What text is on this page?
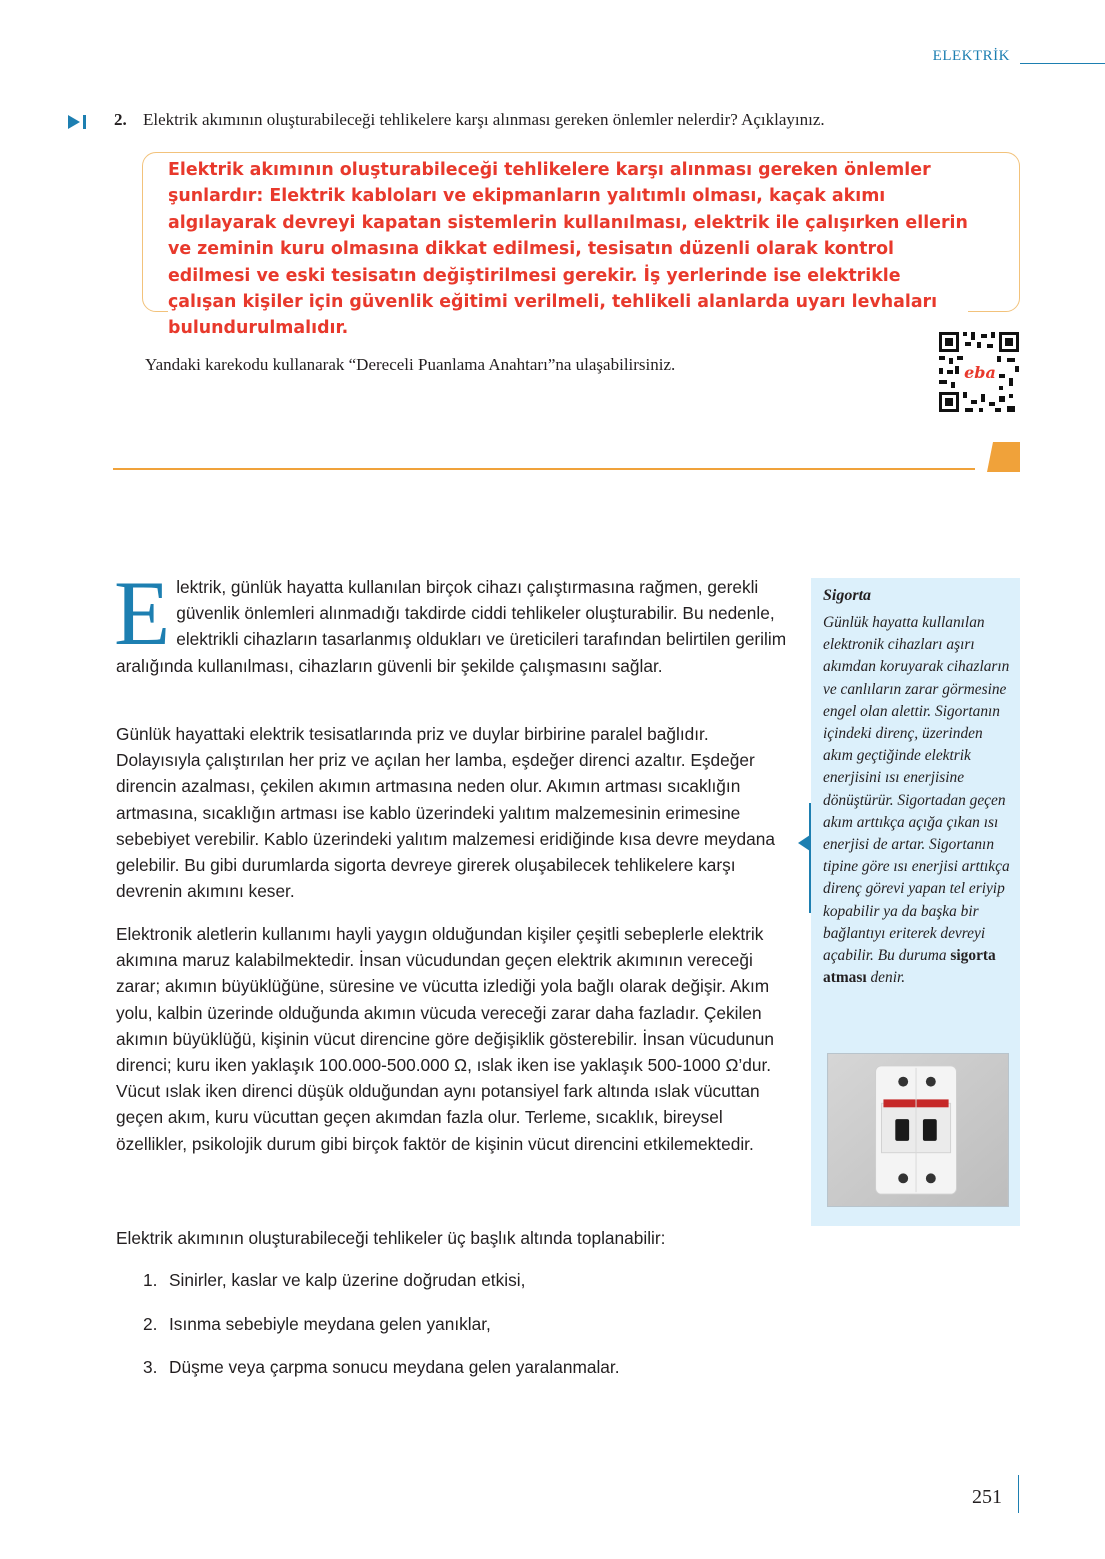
ELEKTRİK
2. Elektrik akımının oluşturabileceği tehlikelere karşı alınması gereken önlemler nelerdir? Açıklayınız.

Elektrik akımının oluşturabileceği tehlikelere karşı alınması gereken önlemler şunlardır: Elektrik kabloları ve ekipmanların yalıtımlı olması, kaçak akımı algılayarak devreyi kapatan sistemlerin kullanılması, elektrik ile çalışırken ellerin ve zeminin kuru olmasına dikkat edilmesi, tesisatın düzenli olarak kontrol edilmesi ve eski tesisatın değiştirilmesi gerekir. İş yerlerinde ise elektrikle çalışan kişiler için güvenlik eğitimi verilmeli, tehlikeli alanlarda uyarı levhaları bulundurulmalıdır.

Yandaki karekodu kullanarak “Dereceli Puanlama Anahtarı”na ulaşabilirsiniz.	eba

Elektrik, günlük hayatta kullanılan birçok cihazı çalıştırmasına rağmen, gerekli güvenlik önlemleri alınmadığı takdirde ciddi tehlikeler oluşturabilir. Bu nedenle, elektrikli cihazların tasarlanmış oldukları ve üreticileri tarafından belirtilen gerilim aralığında kullanılması, cihazların güvenli bir şekilde çalışmasını sağlar.

Günlük hayattaki elektrik tesisatlarında priz ve duylar birbirine paralel bağlıdır. Dolayısıyla çalıştırılan her priz ve açılan her lamba, eşdeğer direnci azaltır. Eşdeğer direncin azalması, çekilen akımın artmasına neden olur. Akımın artması sıcaklığın artmasına, sıcaklığın artması ise kablo üzerindeki yalıtım malzemesinin erimesine sebebiyet verebilir. Kablo üzerindeki yalıtım malzemesi eridiğinde kısa devre meydana gelebilir. Bu gibi durumlarda sigorta devreye girerek oluşabilecek tehlikelere karşı devrenin akımını keser.

Elektronik aletlerin kullanımı hayli yaygın olduğundan kişiler çeşitli sebeplerle elektrik akımına maruz kalabilmektedir. İnsan vücudundan geçen elektrik akımının vereceği zarar; akımın büyüklüğüne, süresine ve vücutta izlediği yola bağlı olarak değişir. Akım yolu, kalbin üzerinde olduğunda akımın vücuda vereceği zarar daha fazladır. Çekilen akımın büyüklüğü, kişinin vücut direncine göre değişiklik gösterebilir. İnsan vücudunun direnci; kuru iken yaklaşık 100.000-500.000 Ω, ıslak iken ise yaklaşık 500-1000 Ω’dur. Vücut ıslak iken direnci düşük olduğundan aynı potansiyel fark altında ıslak vücuttan geçen akım, kuru vücuttan geçen akımdan fazla olur. Terleme, sıcaklık, bireysel özellikler, psikolojik durum gibi birçok faktör de kişinin vücut direncini etkilemektedir.

Elektrik akımının oluşturabileceği tehlikeler üç başlık altında toplanabilir:

1. Sinirler, kaslar ve kalp üzerine doğrudan etkisi,
2. Isınma sebebiyle meydana gelen yanıklar,
3. Düşme veya çarpma sonucu meydana gelen yaralanmalar.
Sigorta

Günlük hayatta kullanılan elektronik cihazları aşırı akımdan koruyarak cihazların ve canlıların zarar görmesine engel olan alettir. Sigortanın içindeki direnç, üzerinden akım geçtiğinde elektrik enerjisini ısı enerjisine dönüştürür. Sigortadan geçen akım arttıkça açığa çıkan ısı enerjisi de artar. Sigortanın tipine göre ısı enerjisi arttıkça direnç görevi yapan tel eriyip kopabilir ya da başka bir bağlantıyı eriterek devreyi açabilir. Bu duruma sigorta atması denir.

251
